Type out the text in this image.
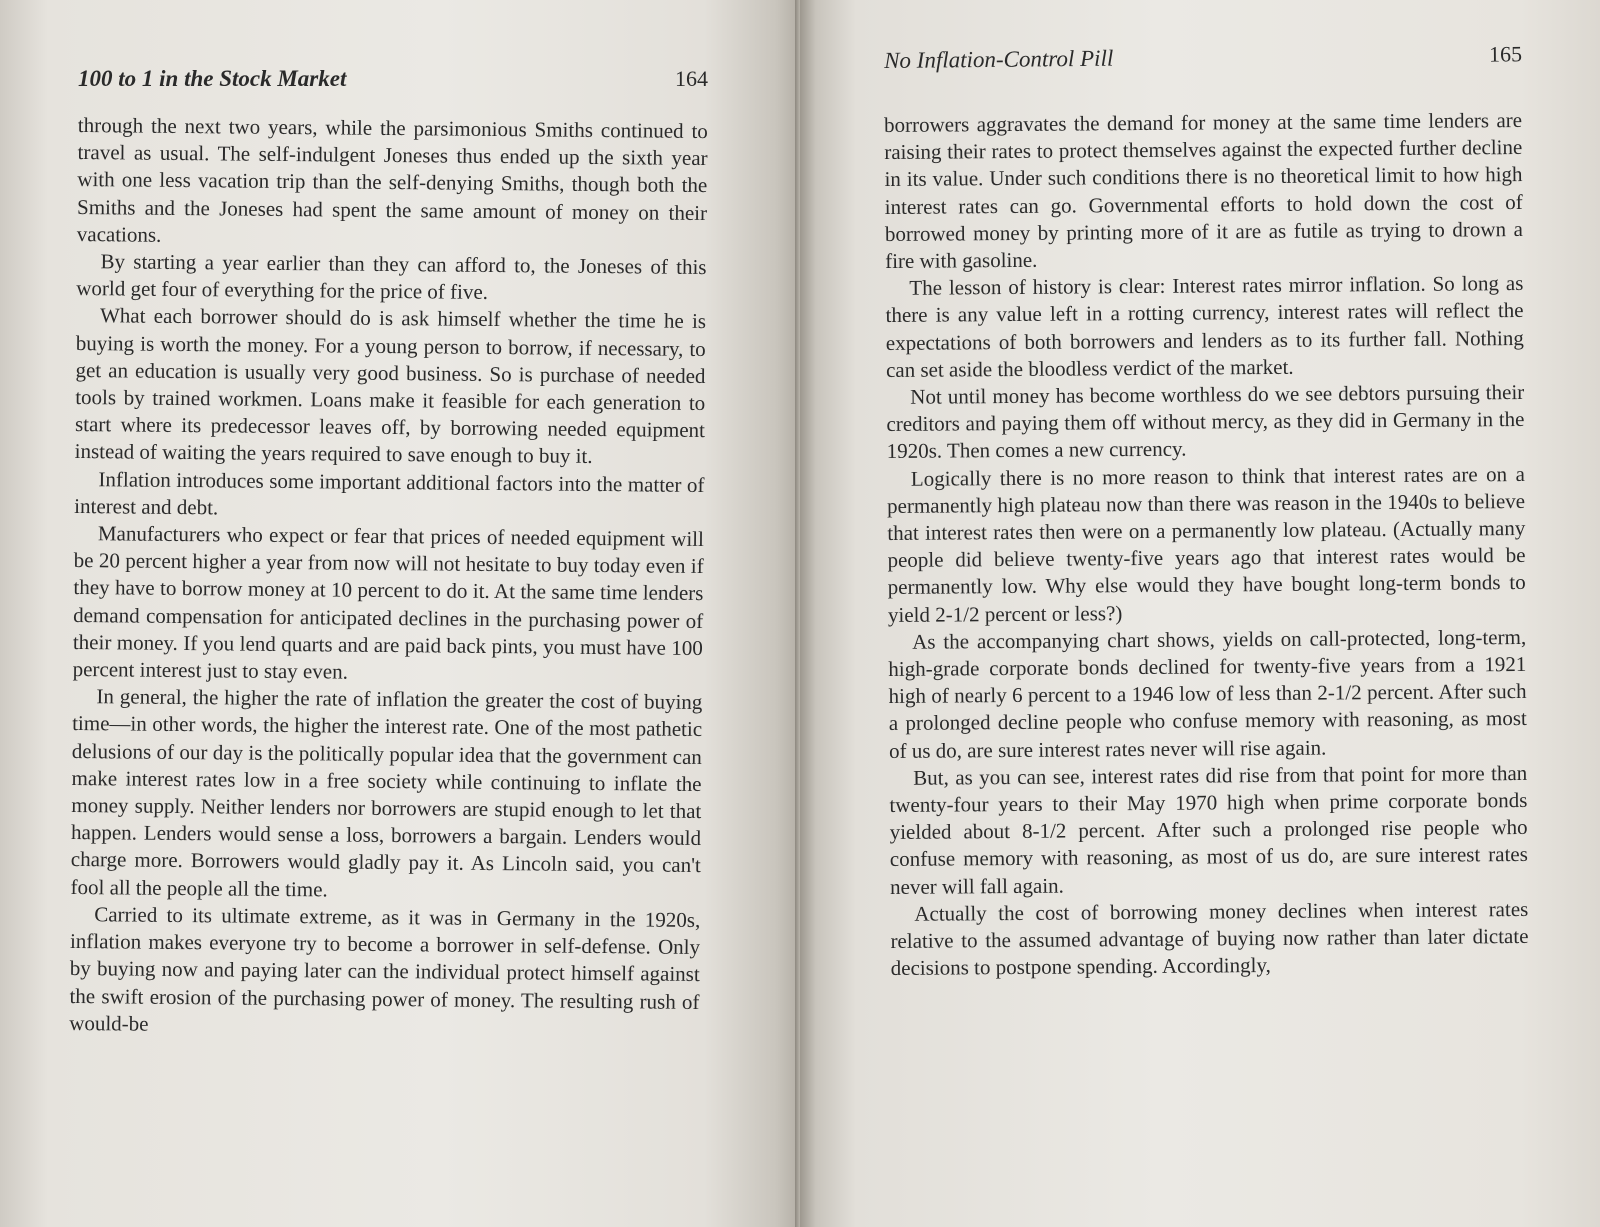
100 to 1 in the Stock Market	164

through the next two years, while the parsimonious Smiths continued to travel as usual. The self-indulgent Joneses thus ended up the sixth year with one less vacation trip than the self-denying Smiths, though both the Smiths and the Joneses had spent the same amount of money on their vacations.

By starting a year earlier than they can afford to, the Joneses of this world get four of everything for the price of five.

What each borrower should do is ask himself whether the time he is buying is worth the money. For a young person to borrow, if necessary, to get an education is usually very good business. So is purchase of needed tools by trained workmen. Loans make it feasible for each generation to start where its predecessor leaves off, by borrowing needed equipment instead of waiting the years required to save enough to buy it.

Inflation introduces some important additional factors into the matter of interest and debt.

Manufacturers who expect or fear that prices of needed equipment will be 20 percent higher a year from now will not hesitate to buy today even if they have to borrow money at 10 percent to do it. At the same time lenders demand compensation for anticipated declines in the purchasing power of their money. If you lend quarts and are paid back pints, you must have 100 percent interest just to stay even.

In general, the higher the rate of inflation the greater the cost of buying time—in other words, the higher the interest rate. One of the most pathetic delusions of our day is the politically popular idea that the government can make interest rates low in a free society while continuing to inflate the money supply. Neither lenders nor borrowers are stupid enough to let that happen. Lenders would sense a loss, borrowers a bargain. Lenders would charge more. Borrowers would gladly pay it. As Lincoln said, you can't fool all the people all the time.

Carried to its ultimate extreme, as it was in Germany in the 1920s, inflation makes everyone try to become a borrower in self-defense. Only by buying now and paying later can the individual protect himself against the swift erosion of the purchasing power of money. The resulting rush of would-be

No Inflation-Control Pill	165

borrowers aggravates the demand for money at the same time lenders are raising their rates to protect themselves against the expected further decline in its value. Under such conditions there is no theoretical limit to how high interest rates can go. Governmental efforts to hold down the cost of borrowed money by printing more of it are as futile as trying to drown a fire with gasoline.

The lesson of history is clear: Interest rates mirror inflation. So long as there is any value left in a rotting currency, interest rates will reflect the expectations of both borrowers and lenders as to its further fall. Nothing can set aside the bloodless verdict of the market.

Not until money has become worthless do we see debtors pursuing their creditors and paying them off without mercy, as they did in Germany in the 1920s. Then comes a new currency.

Logically there is no more reason to think that interest rates are on a permanently high plateau now than there was reason in the 1940s to believe that interest rates then were on a permanently low plateau. (Actually many people did believe twenty-five years ago that interest rates would be permanently low. Why else would they have bought long-term bonds to yield 2-1/2 percent or less?)

As the accompanying chart shows, yields on call-protected, long-term, high-grade corporate bonds declined for twenty-five years from a 1921 high of nearly 6 percent to a 1946 low of less than 2-1/2 percent. After such a prolonged decline people who confuse memory with reasoning, as most of us do, are sure interest rates never will rise again.

But, as you can see, interest rates did rise from that point for more than twenty-four years to their May 1970 high when prime corporate bonds yielded about 8-1/2 percent. After such a prolonged rise people who confuse memory with reasoning, as most of us do, are sure interest rates never will fall again.

Actually the cost of borrowing money declines when interest rates relative to the assumed advantage of buying now rather than later dictate decisions to postpone spending. Accordingly,
